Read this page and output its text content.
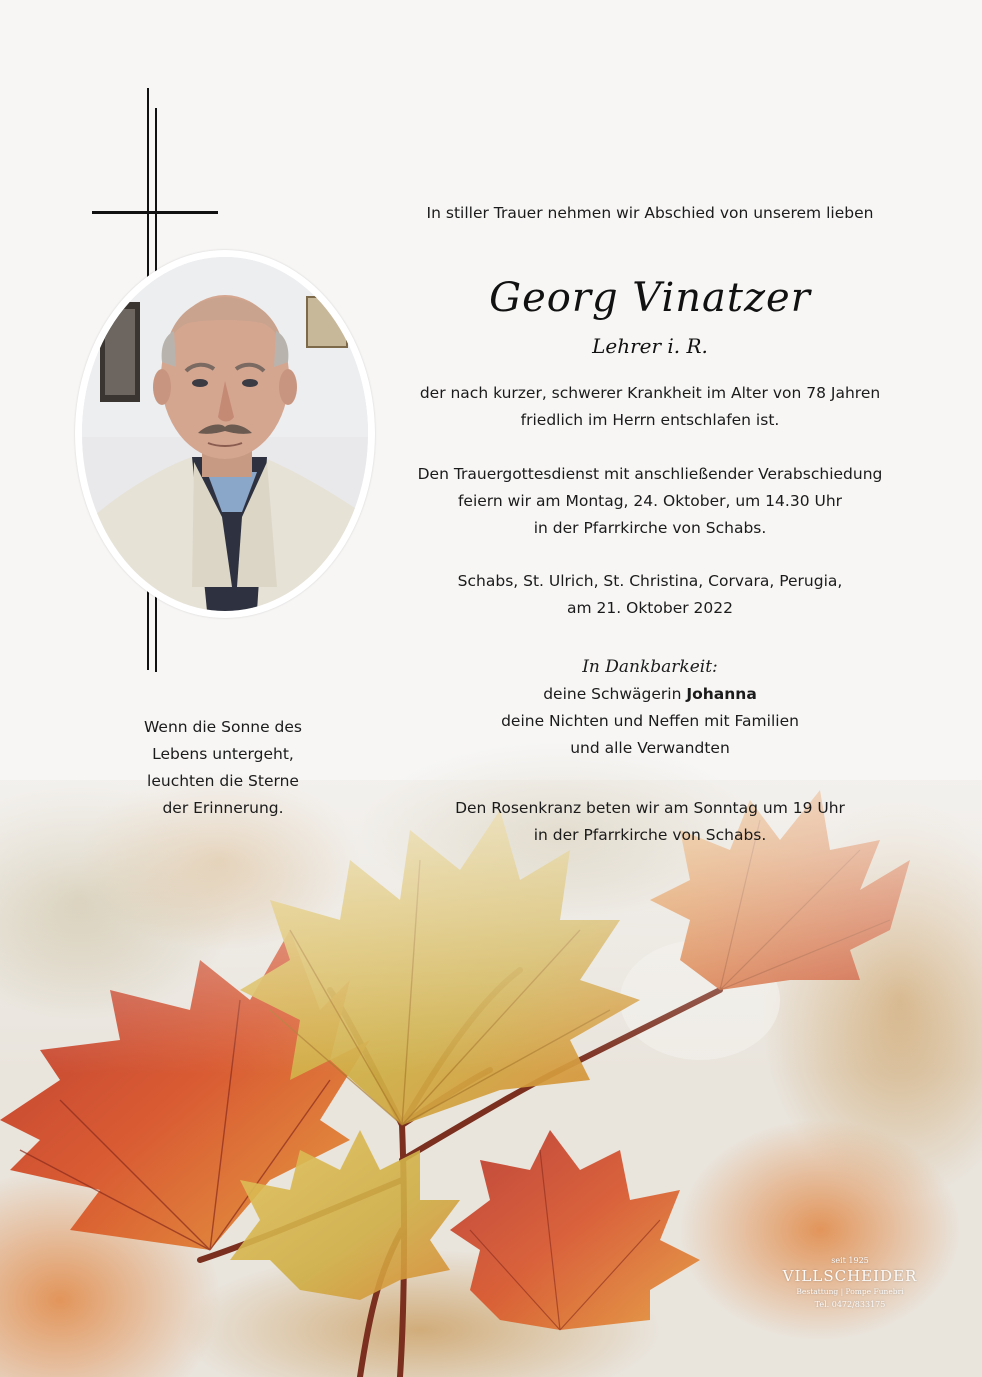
In stiller Trauer nehmen wir Abschied von unserem lieben
Georg Vinatzer
Lehrer i. R.
der nach kurzer, schwerer Krankheit im Alter von 78 Jahren
friedlich im Herrn entschlafen ist.
Den Trauergottesdienst mit anschließender Verabschiedung
feiern wir am Montag, 24. Oktober, um 14.30 Uhr
in der Pfarrkirche von Schabs.
Schabs, St. Ulrich, St. Christina, Corvara, Perugia,
am 21. Oktober 2022
In Dankbarkeit:
deine Schwägerin Johanna
deine Nichten und Neffen mit Familien
und alle Verwandten
Den Rosenkranz beten wir am Sonntag um 19 Uhr
in der Pfarrkirche von Schabs.
Wenn die Sonne des
Lebens untergeht,
leuchten die Sterne
der Erinnerung.
seit 1925
VILLSCHEIDER
Bestattung | Pompe Funebri
Tel. 0472/833175
